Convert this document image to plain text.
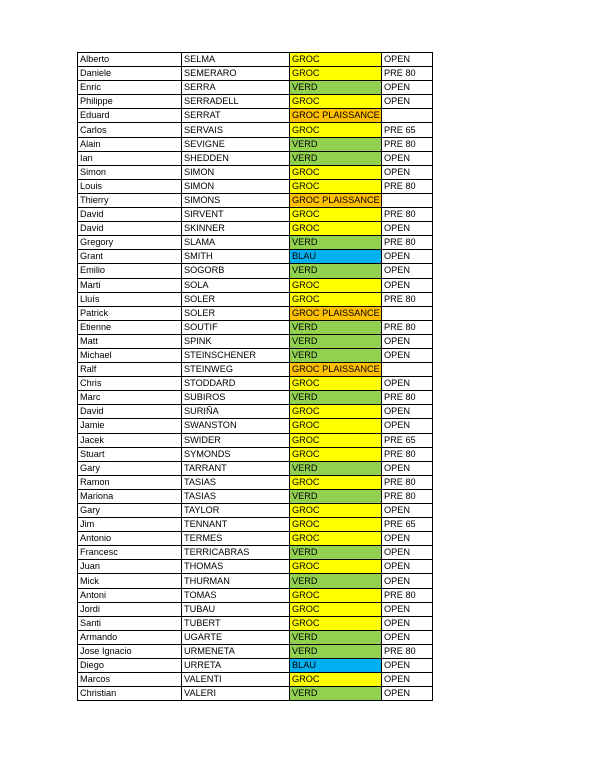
Alberto	SELMA	GROC	OPEN
Daniele	SEMERARO	GROC	PRE 80
Enric	SERRA	VERD	OPEN
Philippe	SERRADELL	GROC	OPEN
Eduard	SERRAT	GROC PLAISSANCE	
Carlos	SERVAIS	GROC	PRE 65
Alain	SEVIGNE	VERD	PRE 80
Ian	SHEDDEN	VERD	OPEN
Simon	SIMON	GROC	OPEN
Louis	SIMON	GROC	PRE 80
Thierry	SIMONS	GROC PLAISSANCE	
David	SIRVENT	GROC	PRE 80
David	SKINNER	GROC	OPEN
Gregory	SLAMA	VERD	PRE 80
Grant	SMITH	BLAU	OPEN
Emilio	SOGORB	VERD	OPEN
Marti	SOLA	GROC	OPEN
Lluís	SOLER	GROC	PRE 80
Patrick	SOLER	GROC PLAISSANCE	
Etienne	SOUTIF	VERD	PRE 80
Matt	SPINK	VERD	OPEN
Michael	STEINSCHENER	VERD	OPEN
Ralf	STEINWEG	GROC PLAISSANCE	
Chris	STODDARD	GROC	OPEN
Marc	SUBIROS	VERD	PRE 80
David	SURIÑA	GROC	OPEN
Jamie	SWANSTON	GROC	OPEN
Jacek	SWIDER	GROC	PRE 65
Stuart	SYMONDS	GROC	PRE 80
Gary	TARRANT	VERD	OPEN
Ramon	TASIAS	GROC	PRE 80
Mariona	TASIAS	VERD	PRE 80
Gary	TAYLOR	GROC	OPEN
Jim	TENNANT	GROC	PRE 65
Antonio	TERMES	GROC	OPEN
Francesc	TERRICABRAS	VERD	OPEN
Juan	THOMAS	GROC	OPEN
Mick	THURMAN	VERD	OPEN
Antoni	TOMAS	GROC	PRE 80
Jordi	TUBAU	GROC	OPEN
Santi	TUBERT	GROC	OPEN
Armando	UGARTE	VERD	OPEN
Jose Ignacio	URMENETA	VERD	PRE 80
Diego	URRETA	BLAU	OPEN
Marcos	VALENTI	GROC	OPEN
Christian	VALERI	VERD	OPEN
